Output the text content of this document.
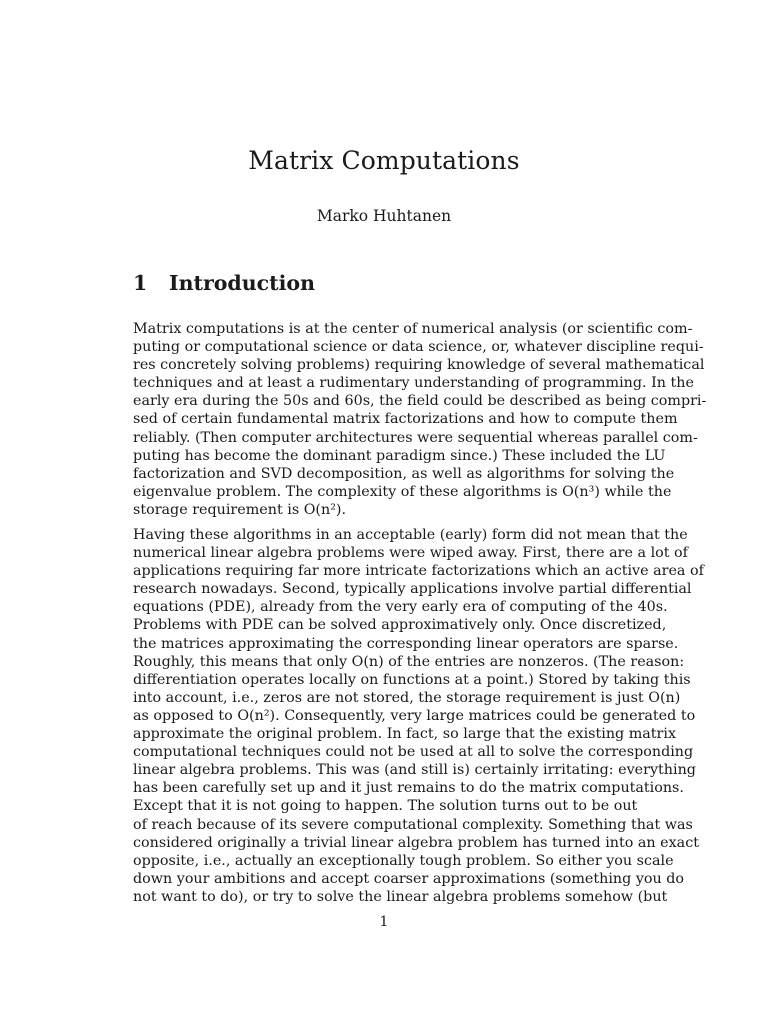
Matrix Computations
Marko Huhtanen
1 Introduction
Matrix computations is at the center of numerical analysis (or scientific com-
puting or computational science or data science, or, whatever discipline requi-
res concretely solving problems) requiring knowledge of several mathematical
techniques and at least a rudimentary understanding of programming. In the
early era during the 50s and 60s, the field could be described as being compri-
sed of certain fundamental matrix factorizations and how to compute them
reliably. (Then computer architectures were sequential whereas parallel com-
puting has become the dominant paradigm since.) These included the LU
factorization and SVD decomposition, as well as algorithms for solving the
eigenvalue problem. The complexity of these algorithms is O(n³) while the
storage requirement is O(n²).
Having these algorithms in an acceptable (early) form did not mean that the
numerical linear algebra problems were wiped away. First, there are a lot of
applications requiring far more intricate factorizations which an active area of
research nowadays. Second, typically applications involve partial differential
equations (PDE), already from the very early era of computing of the 40s.
Problems with PDE can be solved approximatively only. Once discretized,
the matrices approximating the corresponding linear operators are sparse.
Roughly, this means that only O(n) of the entries are nonzeros. (The reason:
differentiation operates locally on functions at a point.) Stored by taking this
into account, i.e., zeros are not stored, the storage requirement is just O(n)
as opposed to O(n²). Consequently, very large matrices could be generated to
approximate the original problem. In fact, so large that the existing matrix
computational techniques could not be used at all to solve the corresponding
linear algebra problems. This was (and still is) certainly irritating: everything
has been carefully set up and it just remains to do the matrix computations.
Except that it is not going to happen. The solution turns out to be out
of reach because of its severe computational complexity. Something that was
considered originally a trivial linear algebra problem has turned into an exact
opposite, i.e., actually an exceptionally tough problem. So either you scale
down your ambitions and accept coarser approximations (something you do
not want to do), or try to solve the linear algebra problems somehow (but
1
